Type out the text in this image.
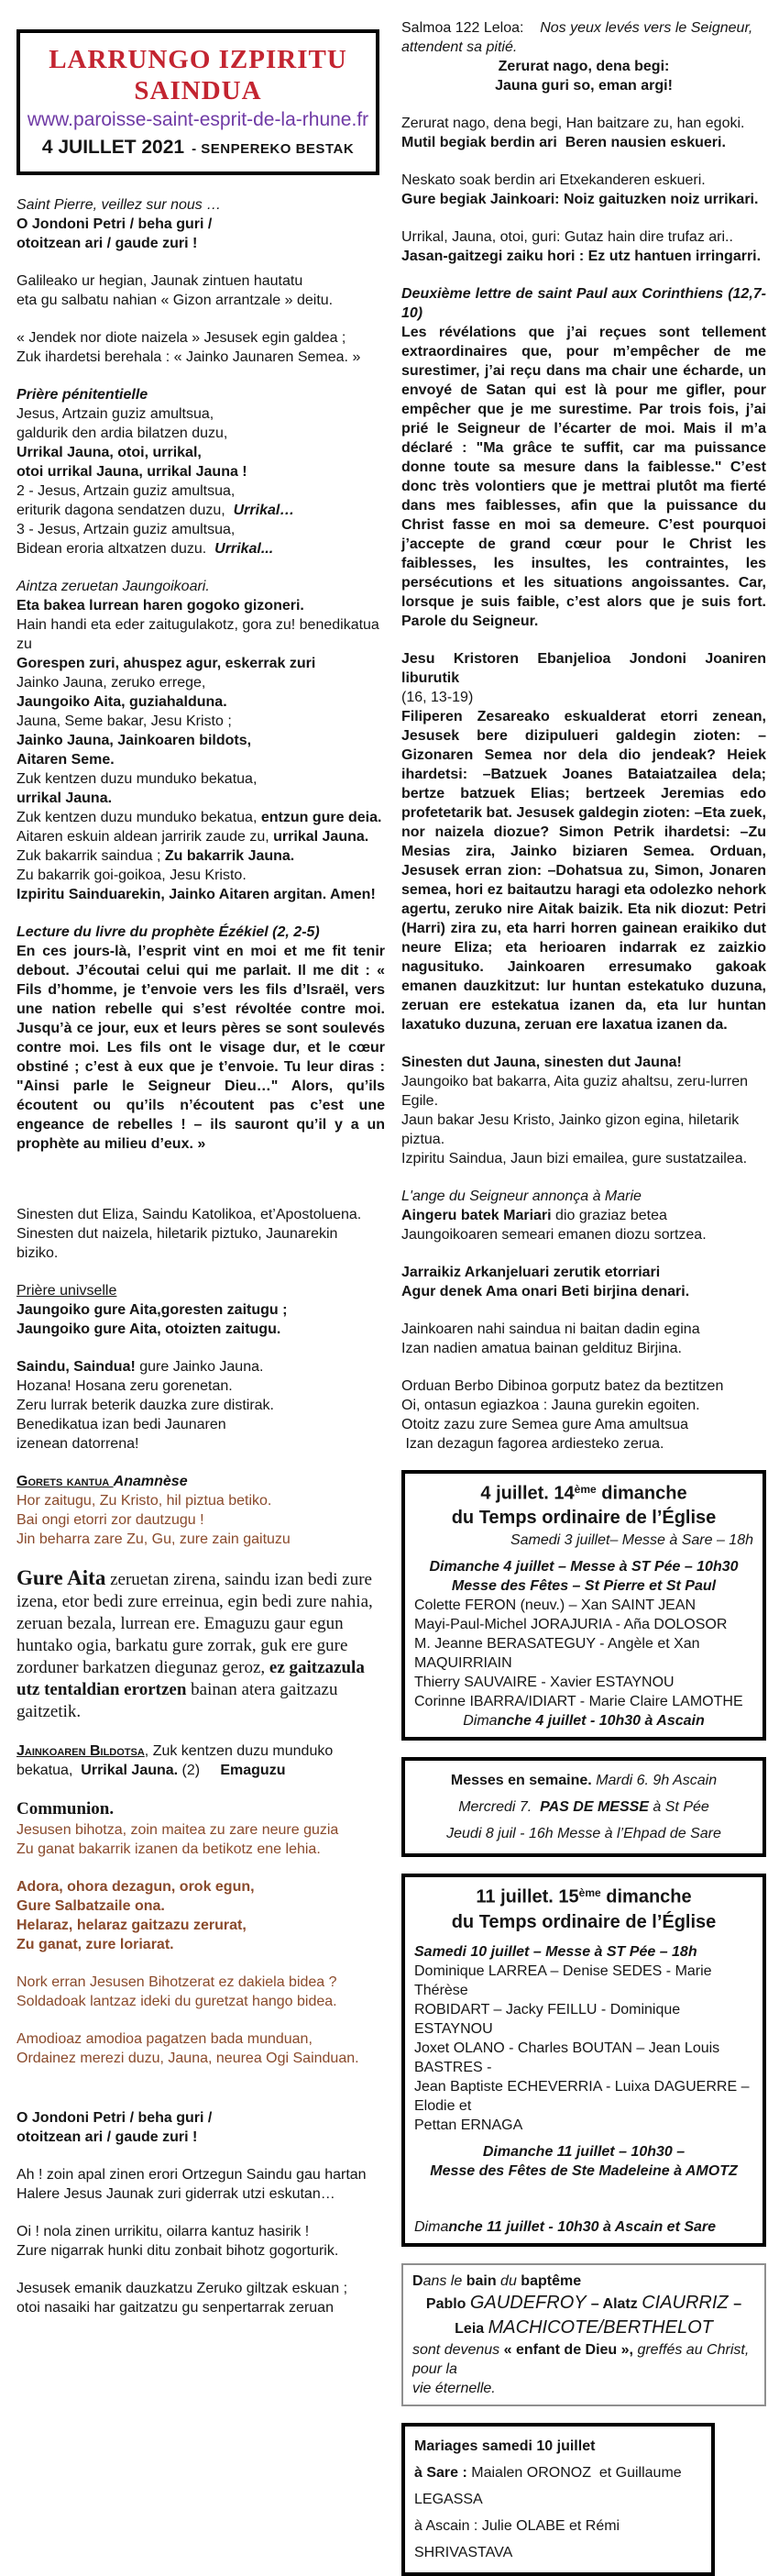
LARRUNGO IZPIRITU SAINDUA
www.paroisse-saint-esprit-de-la-rhune.fr
4 JUILLET 2021 - SENPEREKO BESTAK
Saint Pierre, veillez sur nous …
O Jondoni Petri / beha guri /
otoitzean ari / gaude zuri !
Galileako ur hegian, Jaunak zintuen hautatu
eta gu salbatu nahian « Gizon arrantzale » deitu.
« Jendek nor diote naizela » Jesusek egin galdea ;
Zuk ihardetsi berehala : « Jainko Jaunaren Semea. »
Prière pénitentielle
Jesus, Artzain guziz amultsua,
galdurik den ardia bilatzen duzu,
Urrikal Jauna, otoi, urrikal,
otoi urrikal Jauna, urrikal Jauna !
2 - Jesus, Artzain guziz amultsua,
eriturik dagona sendatzen duzu,  Urrikal…
3 - Jesus, Artzain guziz amultsua,
Bidean eroria altxatzen duzu.  Urrikal...
Aintza zeruetan Jaungoikoari.
Eta bakea lurrean haren gogoko gizoneri.
Hain handi eta eder zaitugulakotz, gora zu! benedikatua
zu
Gorespen zuri, ahuspez agur, eskerrak zuri
Jainko Jauna, zeruko errege,
Jaungoiko Aita, guziahalduna.
Jauna, Seme bakar, Jesu Kristo ;
Jainko Jauna, Jainkoaren bildots,
Aitaren Seme.
Zuk kentzen duzu munduko bekatua,
urrikal Jauna.
Zuk kentzen duzu munduko bekatua, entzun gure deia.
Aitaren eskuin aldean jarririk zaude zu, urrikal Jauna.
Zuk bakarrik saindua ; Zu bakarrik Jauna.
Zu bakarrik goi-goikoa, Jesu Kristo.
Izpiritu Sainduarekin, Jainko Aitaren argitan. Amen!
Lecture du livre du prophète Ézékiel (2, 2-5)
En ces jours-là, l’esprit vint en moi et me fit tenir debout. J’écoutai celui qui me parlait. Il me dit : « Fils d’homme, je t’envoie vers les fils d’Israël, vers une nation rebelle qui s’est révoltée contre moi. Jusqu’à ce jour, eux et leurs pères se sont soulevés contre moi. Les fils ont le visage dur, et le cœur obstiné ; c’est à eux que je t’envoie. Tu leur diras : "Ainsi parle le Seigneur Dieu…" Alors, qu’ils écoutent ou qu’ils n’écoutent pas c’est une engeance de rebelles ! – ils sauront qu’il y a un prophète au milieu d’eux. »
Sinesten dut Eliza, Saindu Katolikoa, et’Apostoluena.
Sinesten dut naizela, hiletarik piztuko, Jaunarekin
biziko.
Prière univselle
Jaungoiko gure Aita,goresten zaitugu ;
Jaungoiko gure Aita, otoizten zaitugu.
Saindu, Saindua! gure Jainko Jauna.
Hozana! Hosana zeru gorenetan.
Zeru lurrak beterik dauzka zure distirak.
Benedikatua izan bedi Jaunaren
izenean datorrena!
Gorets kantua Anamnèse
Hor zaitugu, Zu Kristo, hil piztua betiko.
Bai ongi etorri zor dautzugu !
Jin beharra zare Zu, Gu, zure zain gaituzu
Gure Aita zeruetan zirena, saindu izan bedi zure izena, etor bedi zure erreinua, egin bedi zure nahia, zeruan bezala, lurrean ere. Emaguzu gaur egun huntako ogia, barkatu gure zorrak, guk ere gure zorduner barkatzen diegunaz geroz, ez gaitzazula utz tentaldian erortzen bainan atera gaitzazu gaitzetik.
Jainkoaren Bildotsa, Zuk kentzen duzu munduko
bekatua,  Urrikal Jauna. (2)     Emaguzu
Communion.
Jesusen bihotza, zoin maitea zu zare neure guzia
Zu ganat bakarrik izanen da betikotz ene lehia.
Adora, ohora dezagun, orok egun,
Gure Salbatzaile ona.
Helaraz, helaraz gaitzazu zerurat,
Zu ganat, zure loriarat.
Nork erran Jesusen Bihotzerat ez dakiela bidea ?
Soldadoak lantzaz ideki du guretzat hango bidea.
Amodioaz amodioa pagatzen bada munduan,
Ordainez merezi duzu, Jauna, neurea Ogi Sainduan.
O Jondoni Petri / beha guri /
otoitzean ari / gaude zuri !
Ah ! zoin apal zinen erori Ortzegun Saindu gau hartan
Halere Jesus Jaunak zuri giderrak utzi eskutan…
Oi ! nola zinen urrikitu, oilarra kantuz hasirik !
Zure nigarrak hunki ditu zonbait bihotz gogorturik.
Jesusek emanik dauzkatzu Zeruko giltzak eskuan ;
otoi nasaiki har gaitzatzu gu senpertarrak zeruan
Salmoa 122 Leloa:    Nos yeux levés vers le Seigneur,
attendent sa pitié.
Zerurat nago, dena begi:
Jauna guri so, eman argi!
Zerurat nago, dena begi, Han baitzare zu, han egoki.
Mutil begiak berdin ari  Beren nausien eskueri.
Neskato soak berdin ari Etxekanderen eskueri.
Gure begiak Jainkoari: Noiz gaituzken noiz urrikari.
Urrikal, Jauna, otoi, guri: Gutaz hain dire trufaz ari..
Jasan-gaitzegi zaiku hori : Ez utz hantuen irringarri.
Deuxième lettre de saint Paul aux Corinthiens (12,7-10)
Les révélations que j’ai reçues sont tellement extraordinaires que, pour m’empêcher de me surestimer, j’ai reçu dans ma chair une écharde, un envoyé de Satan qui est là pour me gifler, pour empêcher que je me surestime. Par trois fois, j’ai prié le Seigneur de l’écarter de moi. Mais il m’a déclaré : "Ma grâce te suffit, car ma puissance donne toute sa mesure dans la faiblesse." C’est donc très volontiers que je mettrai plutôt ma fierté dans mes faiblesses, afin que la puissance du Christ fasse en moi sa demeure. C’est pourquoi j’accepte de grand cœur pour le Christ les faiblesses, les insultes, les contraintes, les persécutions et les situations angoissantes. Car, lorsque je suis faible, c’est alors que je suis fort. Parole du Seigneur.
Jesu Kristoren Ebanjelioa Jondoni Joaniren liburutik
(16, 13-19)
Filiperen Zesareako eskualderat etorri zenean, Jesusek bere dizipulueri galdegin zioten: –Gizonaren Semea nor dela dio jendeak? Heiek ihardetsi: –Batzuek Joanes Bataiatzailea dela; bertze batzuek Elias; bertzeek Jeremias edo profetetarik bat. Jesusek galdegin zioten: –Eta zuek, nor naizela diozue? Simon Petrik ihardetsi: –Zu Mesias zira, Jainko biziaren Semea. Orduan, Jesusek erran zion: –Dohatsua zu, Simon, Jonaren semea, hori ez baitautzu haragi eta odolezko nehork agertu, zeruko nire Aitak baizik. Eta nik diozut: Petri (Harri) zira zu, eta harri horren gainean eraikiko dut neure Eliza; eta herioaren indarrak ez zaizkio nagusituko. Jainkoaren erresumako gakoak emanen dauzkitzut: lur huntan estekatuko duzuna, zeruan ere estekatua izanen da, eta lur huntan laxatuko duzuna, zeruan ere laxatua izanen da.
Sinesten dut Jauna, sinesten dut Jauna!
Jaungoiko bat bakarra, Aita guziz ahaltsu, zeru-lurren
Egile.
Jaun bakar Jesu Kristo, Jainko gizon egina, hiletarik
piztua.
Izpiritu Saindua, Jaun bizi emailea, gure sustatzailea.
L'ange du Seigneur annonça à Marie
Aingeru batek Mariari dio graziaz betea
Jaungoikoaren semeari emanen diozu sortzea.
Jarraikiz Arkanjeluari zerutik etorriari
Agur denek Ama onari Beti birjina denari.
Jainkoaren nahi saindua ni baitan dadin egina
Izan nadien amatua bainan geldituz Birjina.
Orduan Berbo Dibinoa gorputz batez da beztitzen
Oi, ontasun egiazkoa : Jauna gurekin egoiten.
Otoitz zazu zure Semea gure Ama amultsua
Izan dezagun fagorea ardiesteko zerua.
4 juillet. 14ème dimanche
du Temps ordinaire de l’Église
Samedi 3 juillet– Messe à Sare – 18h
Dimanche 4 juillet – Messe à ST Pée – 10h30
Messe des Fêtes – St Pierre et St Paul
Colette FERON (neuv.) – Xan SAINT JEAN
Mayi-Paul-Michel JORAJURIA - Aña DOLOSOR
M. Jeanne BERASATEGUY - Angèle et Xan MAQUIRRIAIN
Thierry SAUVAIRE - Xavier ESTAYNOU
Corinne IBARRA/IDIART - Marie Claire LAMOTHE
Dimanche 4 juillet - 10h30 à Ascain
Messes en semaine. Mardi 6. 9h Ascain
Mercredi 7.  PAS DE MESSE à St Pée
Jeudi 8 juil - 16h Messe à l’Ehpad de Sare
11 juillet. 15ème dimanche
du Temps ordinaire de l’Église
Samedi 10 juillet – Messe à ST Pée – 18h
Dominique LARREA – Denise SEDES - Marie Thérèse
ROBIDART – Jacky FEILLU - Dominique ESTAYNOU
Joxet OLANO - Charles BOUTAN – Jean Louis BASTRES -
Jean Baptiste ECHEVERRIA - Luixa DAGUERRE – Elodie et
Pettan ERNAGA
Dimanche 11 juillet – 10h30 –
Messe des Fêtes de Ste Madeleine à AMOTZ
Dimanche 11 juillet - 10h30 à Ascain et Sare
Dans le bain du baptême
Pablo GAUDEFROY – Alatz CIAURRIZ –
Leia MACHICOTE/BERTHELOT
sont devenus « enfant de Dieu », greffés au Christ, pour la
vie éternelle.
Mariages samedi 10 juillet
à Sare : Maialen ORONOZ  et Guillaume LEGASSA
à Ascain : Julie OLABE et Rémi  SHRIVASTAVA
